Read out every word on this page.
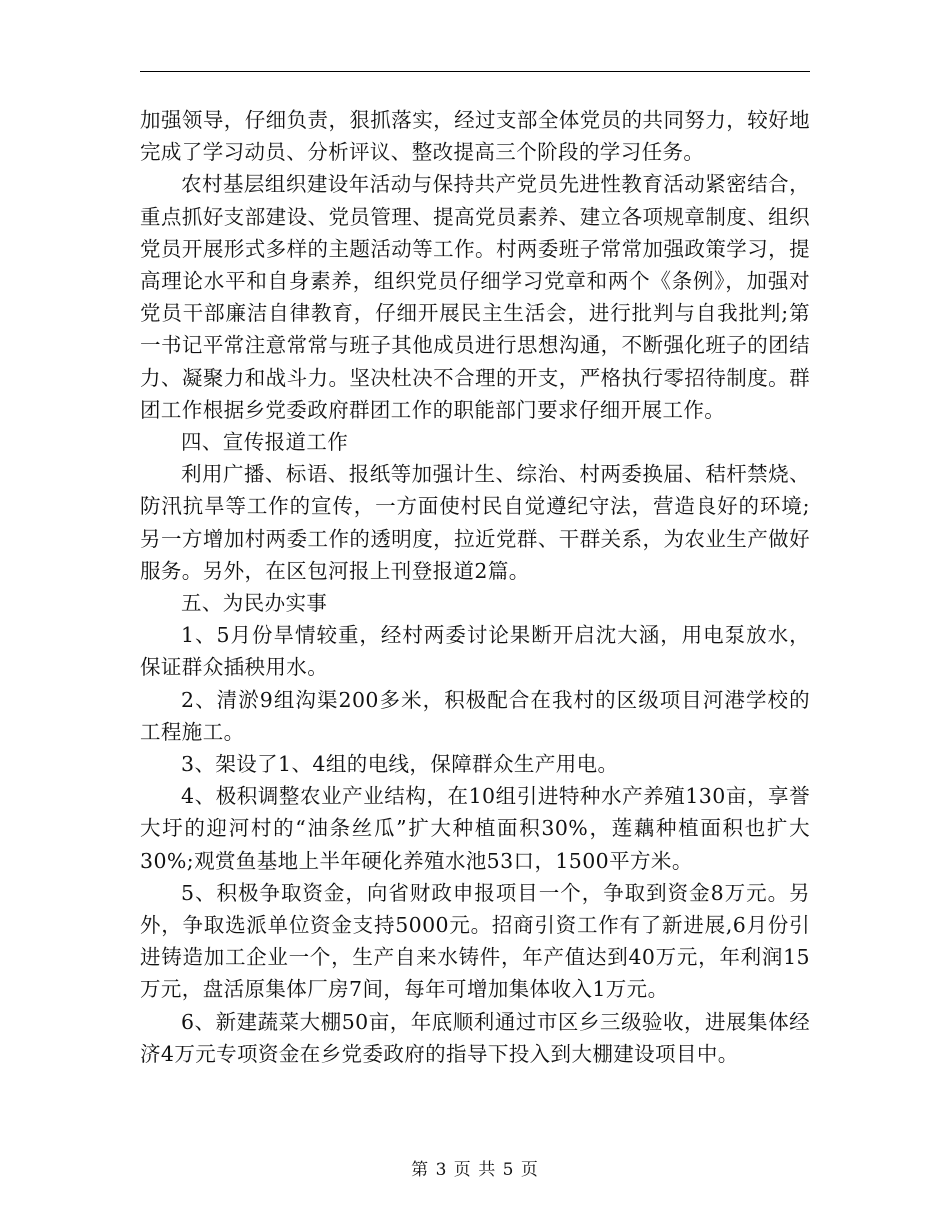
加强领导，仔细负责，狠抓落实，经过支部全体党员的共同努力，较好地完成了学习动员、分析评议、整改提高三个阶段的学习任务。

农村基层组织建设年活动与保持共产党员先进性教育活动紧密结合，重点抓好支部建设、党员管理、提高党员素养、建立各项规章制度、组织党员开展形式多样的主题活动等工作。村两委班子常常加强政策学习，提高理论水平和自身素养，组织党员仔细学习党章和两个《条例》，加强对党员干部廉洁自律教育，仔细开展民主生活会，进行批判与自我批判;第一书记平常注意常常与班子其他成员进行思想沟通，不断强化班子的团结力、凝聚力和战斗力。坚决杜决不合理的开支，严格执行零招待制度。群团工作根据乡党委政府群团工作的职能部门要求仔细开展工作。

四、宣传报道工作

利用广播、标语、报纸等加强计生、综治、村两委换届、秸杆禁烧、防汛抗旱等工作的宣传，一方面使村民自觉遵纪守法，营造良好的环境;另一方增加村两委工作的透明度，拉近党群、干群关系，为农业生产做好服务。另外，在区包河报上刊登报道2篇。

五、为民办实事

1、5月份旱情较重，经村两委讨论果断开启沈大涵，用电泵放水，保证群众插秧用水。

2、清淤9组沟渠200多米，积极配合在我村的区级项目河港学校的工程施工。

3、架设了1、4组的电线，保障群众生产用电。

4、极积调整农业产业结构，在10组引进特种水产养殖130亩，享誉大圩的迎河村的“油条丝瓜”扩大种植面积30%，莲藕种植面积也扩大30%;观赏鱼基地上半年硬化养殖水池53口，1500平方米。

5、积极争取资金，向省财政申报项目一个，争取到资金8万元。另外，争取选派单位资金支持5000元。招商引资工作有了新进展,6月份引进铸造加工企业一个，生产自来水铸件，年产值达到40万元，年利润15万元，盘活原集体厂房7间，每年可增加集体收入1万元。

6、新建蔬菜大棚50亩，年底顺利通过市区乡三级验收，进展集体经济4万元专项资金在乡党委政府的指导下投入到大棚建设项目中。

第 3 页 共 5 页
